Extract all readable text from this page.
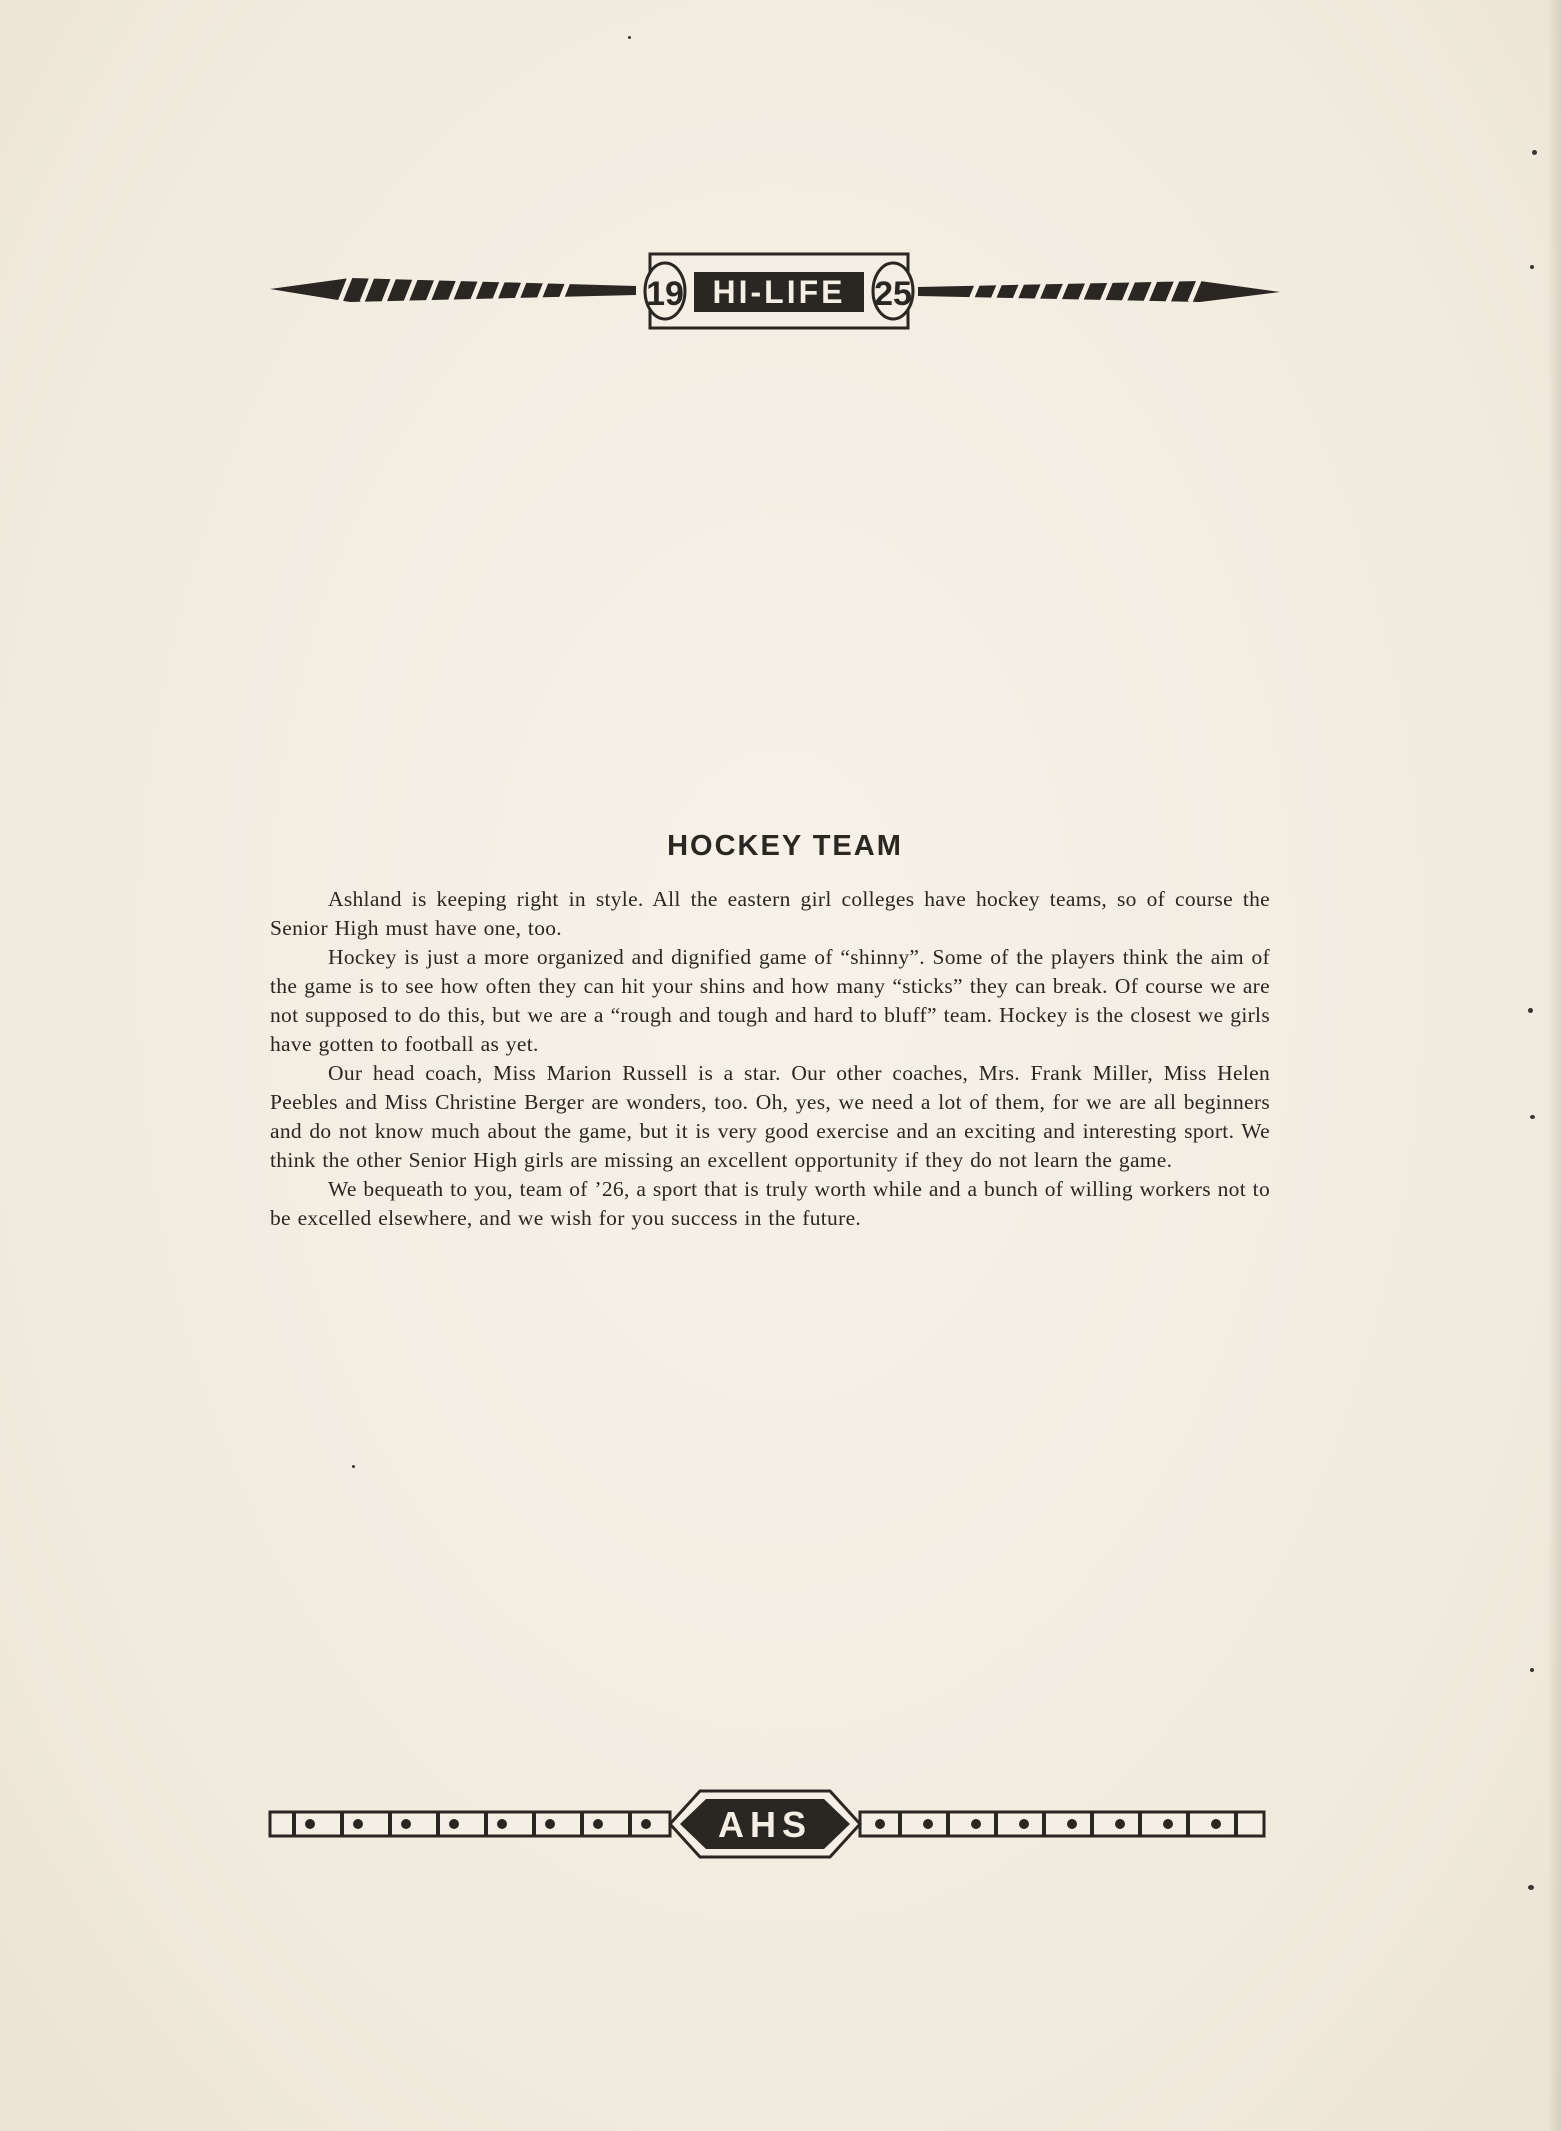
19	25
HI-LIFE
HOCKEY TEAM

Ashland is keeping right in style. All the eastern girl colleges have hockey teams, so of course the Senior High must have one, too.

Hockey is just a more organized and dignified game of “shinny”. Some of the players think the aim of the game is to see how often they can hit your shins and how many “sticks” they can break. Of course we are not supposed to do this, but we are a “rough and tough and hard to bluff” team. Hockey is the closest we girls have gotten to football as yet.

Our head coach, Miss Marion Russell is a star. Our other coaches, Mrs. Frank Miller, Miss Helen Peebles and Miss Christine Berger are wonders, too. Oh, yes, we need a lot of them, for we are all beginners and do not know much about the game, but it is very good exercise and an exciting and interesting sport. We think the other Senior High girls are missing an excellent opportunity if they do not learn the game.

We bequeath to you, team of ’26, a sport that is truly worth while and a bunch of willing workers not to be excelled elsewhere, and we wish for you success in the future.

AHS
